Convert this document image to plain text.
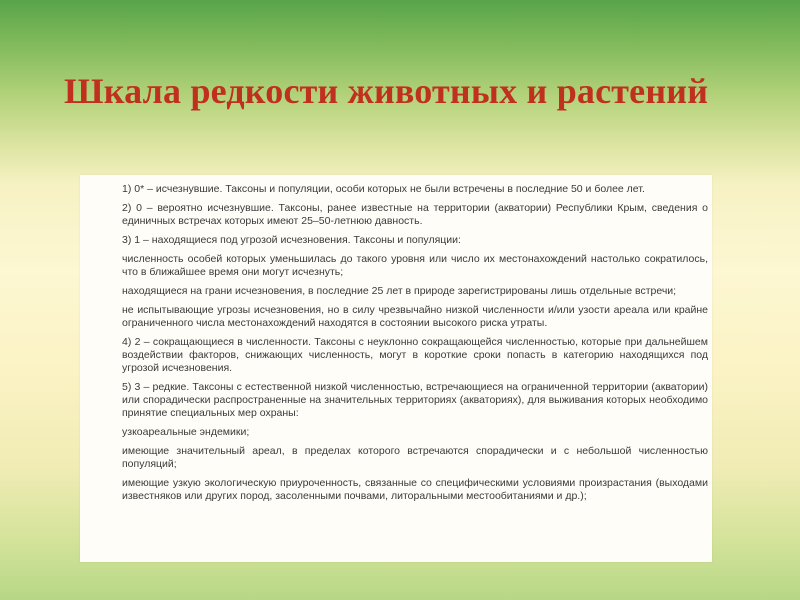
Шкала редкости животных и растений

1) 0* – исчезнувшие. Таксоны и популяции, особи которых не были встречены в последние 50 и более лет.

2) 0 – вероятно исчезнувшие. Таксоны, ранее известные на территории (акватории) Республики Крым, сведения о единичных встречах которых имеют 25–50-летнюю давность.

3) 1 – находящиеся под угрозой исчезновения. Таксоны и популяции:

численность особей которых уменьшилась до такого уровня или число их местонахождений настолько сократилось, что в ближайшее время они могут исчезнуть;

находящиеся на грани исчезновения, в последние 25 лет в природе зарегистрированы лишь отдельные встречи;

не испытывающие угрозы исчезновения, но в силу чрезвычайно низкой численности и/или узости ареала или крайне ограниченного числа местонахождений находятся в состоянии высокого риска утраты.

4) 2 – сокращающиеся в численности. Таксоны с неуклонно сокращающейся численностью, которые при дальнейшем воздействии факторов, снижающих численность, могут в короткие сроки попасть в категорию находящихся под угрозой исчезновения.

5) 3 – редкие. Таксоны с естественной низкой численностью, встречающиеся на ограниченной территории (акватории) или спорадически распространенные на значительных территориях (акваториях), для выживания которых необходимо принятие специальных мер охраны:

узкоареальные эндемики;

имеющие значительный ареал, в пределах которого встречаются спорадически и с небольшой численностью популяций;

имеющие узкую экологическую приуроченность, связанные со специфическими условиями произрастания (выходами известняков или других пород, засоленными почвами, литоральными местообитаниями и др.);
